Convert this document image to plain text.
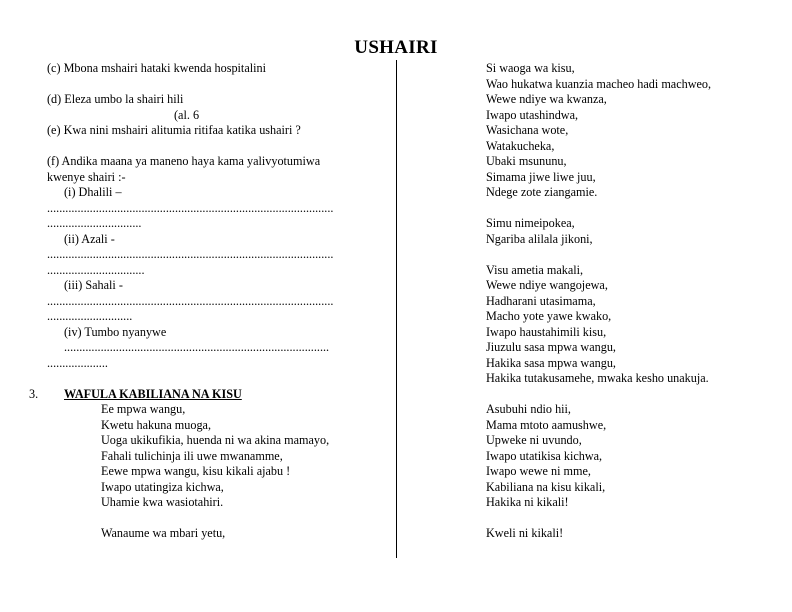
USHAIRI
(c) Mbona mshairi hataki kwenda hospitalini
(d) Eleza umbo la shairi hili
(al. 6
(e) Kwa nini mshairi alitumia ritifaa katika ushairi ?
(f) Andika maana ya maneno haya kama yalivyotumiwa
kwenye shairi :-
(i) Dhalili –
..............................................................................................
...............................
(ii) Azali -
..............................................................................................
................................
(iii) Sahali -
..............................................................................................
............................
(iv) Tumbo nyanywe
.......................................................................................
....................
3. WAFULA KABILIANA NA KISU
Ee mpwa wangu,
Kwetu hakuna muoga,
Uoga ukikufikia, huenda ni wa akina mamayo,
Fahali tulichinja ili uwe mwanamme,
Eewe mpwa wangu, kisu kikali ajabu !
Iwapo utatingiza kichwa,
Uhamie kwa wasiotahiri.
Wanaume wa mbari yetu,
Si waoga wa kisu,
Wao hukatwa kuanzia macheo hadi machweo,
Wewe ndiye wa kwanza,
Iwapo utashindwa,
Wasichana wote,
Watakucheka,
Ubaki msununu,
Simama jiwe liwe juu,
Ndege zote ziangamie.
Simu nimeipokea,
Ngariba alilala jikoni,
Visu ametia makali,
Wewe ndiye wangojewa,
Hadharani utasimama,
Macho yote yawe kwako,
Iwapo haustahimili kisu,
Jiuzulu sasa mpwa wangu,
Hakika sasa mpwa wangu,
Hakika tutakusamehe, mwaka kesho unakuja.
Asubuhi ndio hii,
Mama mtoto aamushwe,
Upweke ni uvundo,
Iwapo utatikisa kichwa,
Iwapo wewe ni mme,
Kabiliana na kisu kikali,
Hakika ni kikali!
Kweli ni kikali!
